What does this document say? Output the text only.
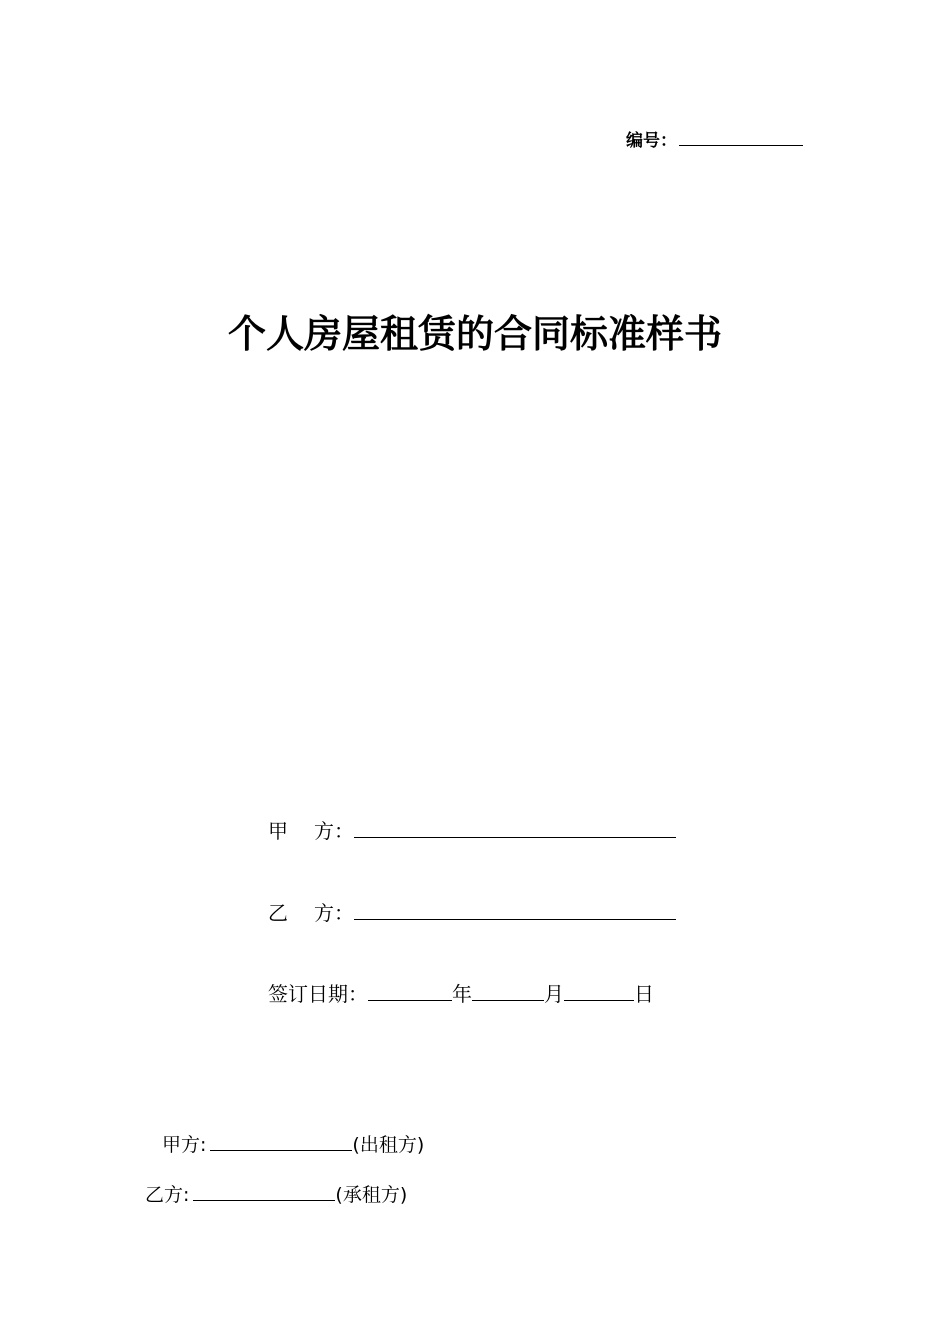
编号：
个人房屋租赁的合同标准样书
甲 方：
乙 方：
签订日期：	年	月	日
甲方:	(出租方)
乙方:	(承租方)
